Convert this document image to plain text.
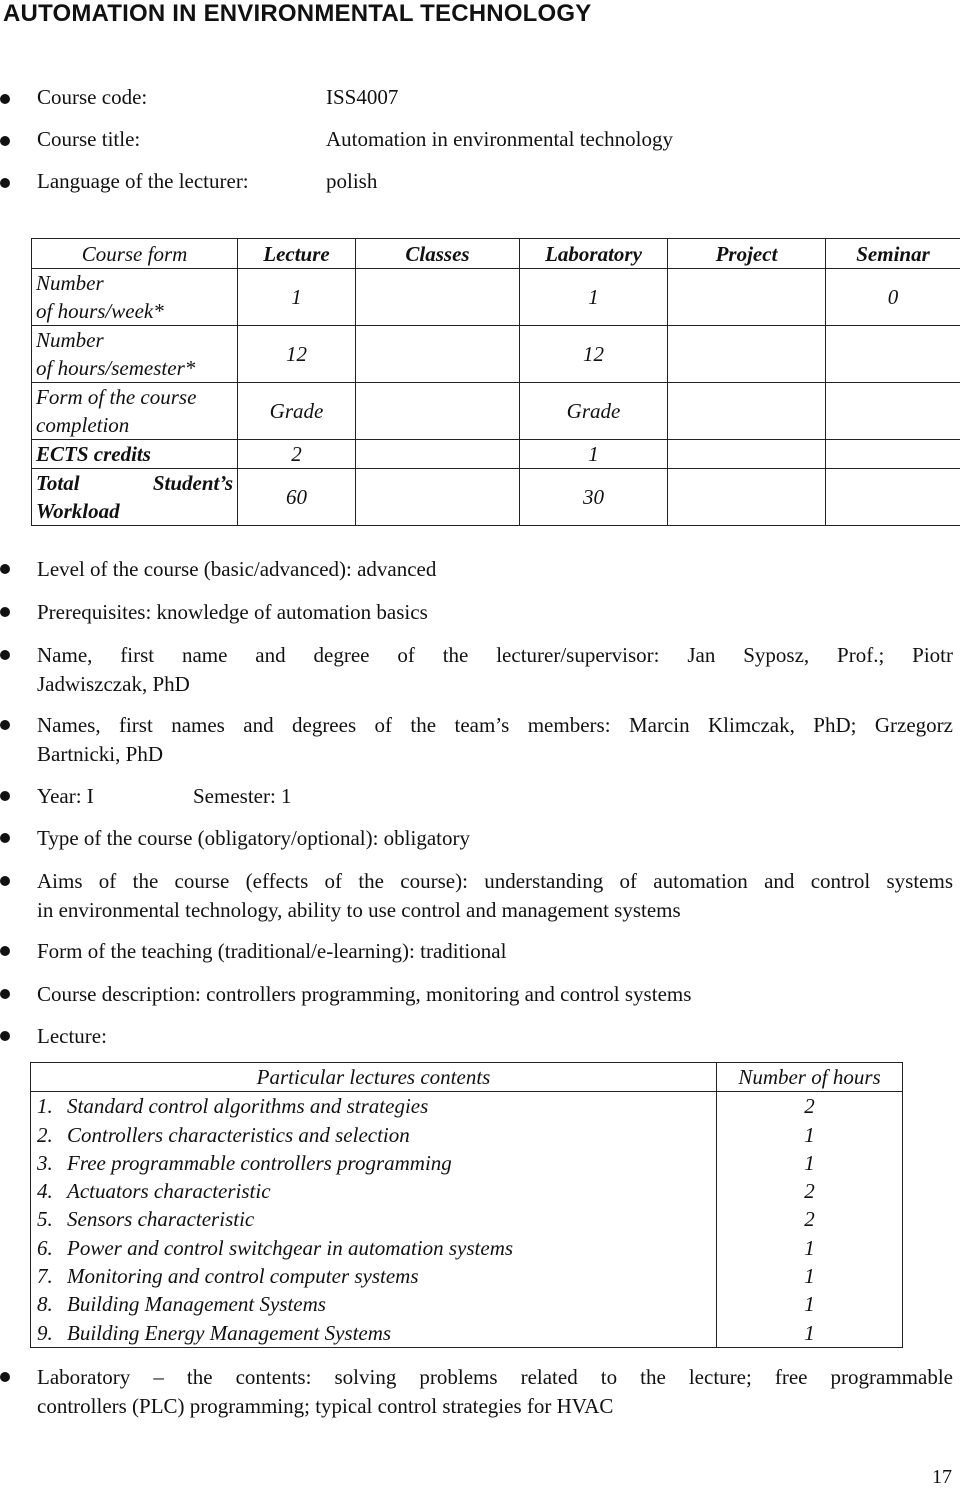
AUTOMATION IN ENVIRONMENTAL TECHNOLOGY
Course code:	ISS4007
Course title:	Automation in environmental technology
Language of the lecturer:	polish
Course form	Lecture	Classes	Laboratory	Project	Seminar
Number
of hours/week*	1		1		0
Number
of hours/semester*	12		12		
Form of the course
completion	Grade		Grade		
ECTS credits	2		1		

Total Student’s
Workload	60		30		
Level of the course (basic/advanced): advanced
Prerequisites: knowledge of automation basics
Name, first name and degree of the lecturer/supervisor: Jan Syposz, Prof.; Piotr
Jadwiszczak, PhD
Names, first names and degrees of the team’s members: Marcin Klimczak, PhD; Grzegorz
Bartnicki, PhD
Year: I	Semester: 1
Type of the course (obligatory/optional): obligatory
Aims of the course (effects of the course): understanding of automation and control systems
in environmental technology, ability to use control and management systems
Form of the teaching (traditional/e-learning): traditional
Course description: controllers programming, monitoring and control systems
Lecture:
Particular lectures contents	Number of hours
1. Standard control algorithms and strategies	2
2. Controllers characteristics and selection	1
3. Free programmable controllers programming	1
4. Actuators characteristic	2
5. Sensors characteristic	2
6. Power and control switchgear in automation systems	1
7. Monitoring and control computer systems	1
8. Building Management Systems	1
9. Building Energy Management Systems	1
Laboratory – the contents: solving problems related to the lecture; free programmable
controllers (PLC) programming; typical control strategies for HVAC
17
